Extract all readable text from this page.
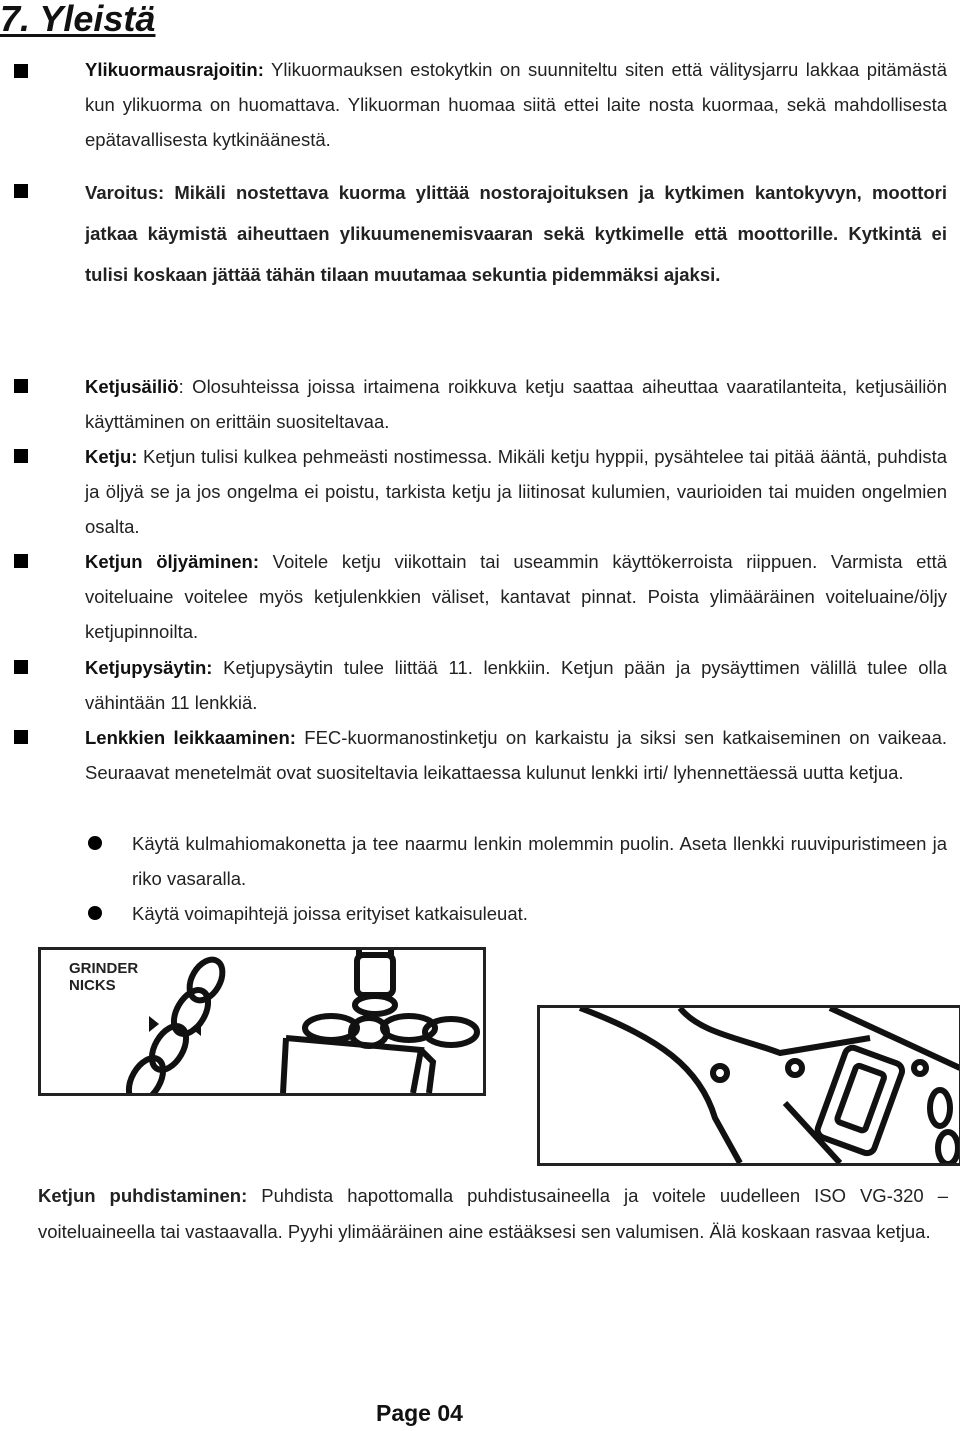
7. Yleistä

Ylikuormausrajoitin: Ylikuormauksen estokytkin on suunniteltu siten että välitysjarru lakkaa pitämästä kun ylikuorma on huomattava. Ylikuorman huomaa siitä ettei laite nosta kuormaa, sekä mahdollisesta epätavallisesta kytkinäänestä.

Varoitus: Mikäli nostettava kuorma ylittää nostorajoituksen ja kytkimen kantokyvyn, moottori jatkaa käymistä aiheuttaen ylikuumenemisvaaran sekä kytkimelle että moottorille. Kytkintä ei tulisi koskaan jättää tähän tilaan muutamaa sekuntia pidemmäksi ajaksi.

Ketjusäiliö: Olosuhteissa joissa irtaimena roikkuva ketju saattaa aiheuttaa vaaratilanteita, ketjusäiliön käyttäminen on erittäin suositeltavaa.

Ketju: Ketjun tulisi kulkea pehmeästi nostimessa. Mikäli ketju hyppii, pysähtelee tai pitää ääntä, puhdista ja öljyä se ja jos ongelma ei poistu, tarkista ketju ja liitinosat kulumien, vaurioiden tai muiden ongelmien osalta.

Ketjun öljyäminen: Voitele ketju viikottain tai useammin käyttökerroista riippuen. Varmista että voiteluaine voitelee myös ketjulenkkien väliset, kantavat pinnat. Poista ylimääräinen voiteluaine/öljy ketjupinnoilta.

Ketjupysäytin: Ketjupysäytin tulee liittää 11. lenkkiin. Ketjun pään ja pysäyttimen välillä tulee olla vähintään 11 lenkkiä.

Lenkkien leikkaaminen: FEC-kuormanostinketju on karkaistu ja siksi sen katkaiseminen on vaikeaa. Seuraavat menetelmät ovat suositeltavia leikattaessa kulunut lenkki irti/ lyhennettäessä uutta ketjua.

Käytä kulmahiomakonetta ja tee naarmu lenkin molemmin puolin. Aseta llenkki ruuvipuristimeen ja riko vasaralla.

Käytä voimapihtejä joissa erityiset katkaisuleuat.

GRINDER
NICKS

Ketjun puhdistaminen: Puhdista hapottomalla puhdistusaineella ja voitele uudelleen ISO VG-320 –voiteluaineella tai vastaavalla. Pyyhi ylimääräinen aine estääksesi sen valumisen. Älä koskaan rasvaa ketjua.

Page 04
